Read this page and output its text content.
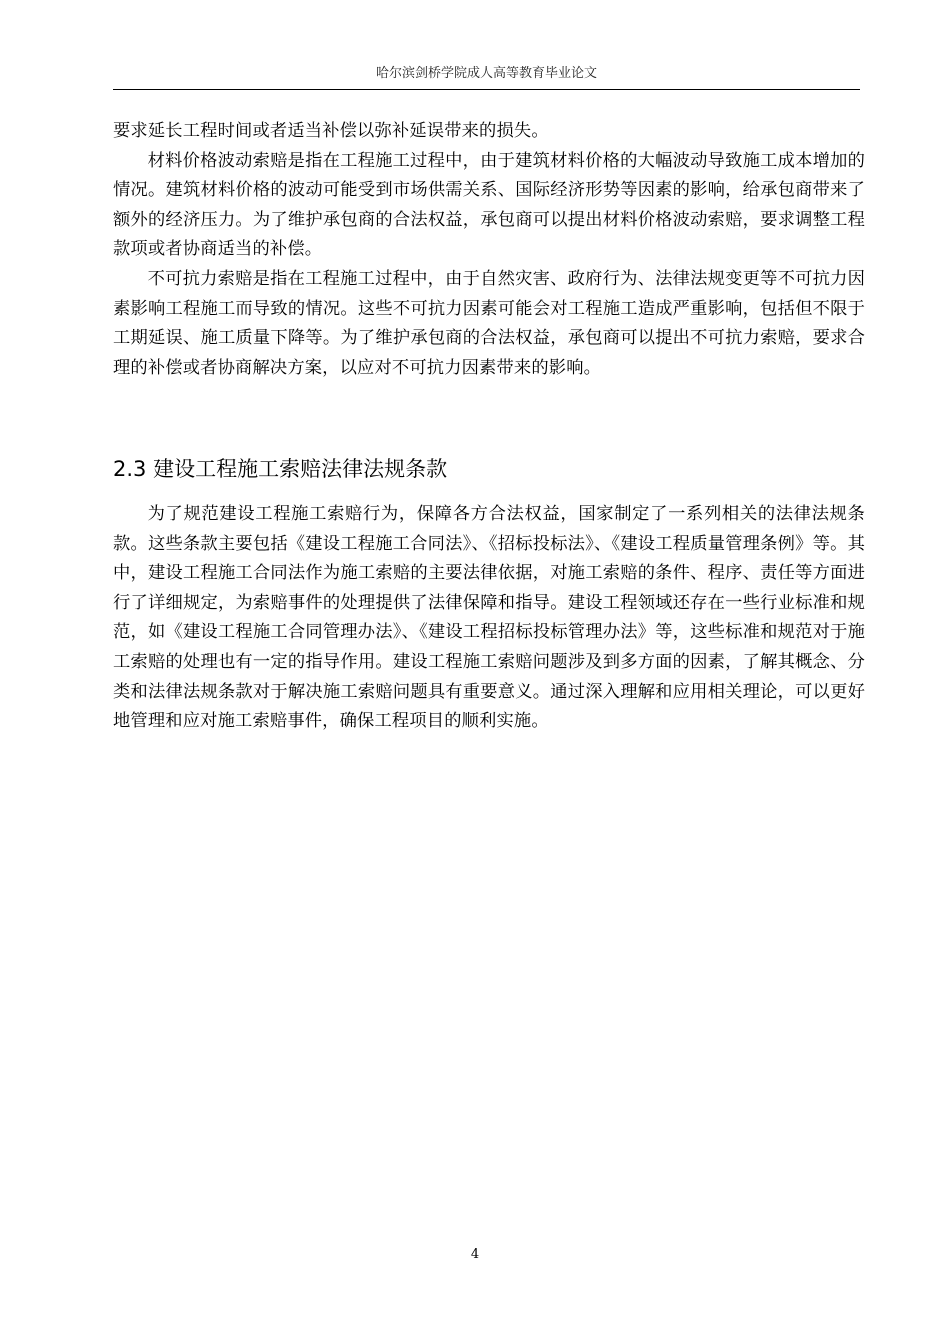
哈尔滨剑桥学院成人高等教育毕业论文

要求延长工程时间或者适当补偿以弥补延误带来的损失。

材料价格波动索赔是指在工程施工过程中，由于建筑材料价格的大幅波动导致施工成本增加的情况。建筑材料价格的波动可能受到市场供需关系、国际经济形势等因素的影响，给承包商带来了额外的经济压力。为了维护承包商的合法权益，承包商可以提出材料价格波动索赔，要求调整工程款项或者协商适当的补偿。

不可抗力索赔是指在工程施工过程中，由于自然灾害、政府行为、法律法规变更等不可抗力因素影响工程施工而导致的情况。这些不可抗力因素可能会对工程施工造成严重影响，包括但不限于工期延误、施工质量下降等。为了维护承包商的合法权益，承包商可以提出不可抗力索赔，要求合理的补偿或者协商解决方案，以应对不可抗力因素带来的影响。

2.3 建设工程施工索赔法律法规条款

为了规范建设工程施工索赔行为，保障各方合法权益，国家制定了一系列相关的法律法规条款。这些条款主要包括《建设工程施工合同法》、《招标投标法》、《建设工程质量管理条例》等。其中，建设工程施工合同法作为施工索赔的主要法律依据，对施工索赔的条件、程序、责任等方面进行了详细规定，为索赔事件的处理提供了法律保障和指导。建设工程领域还存在一些行业标准和规范，如《建设工程施工合同管理办法》、《建设工程招标投标管理办法》等，这些标准和规范对于施工索赔的处理也有一定的指导作用。建设工程施工索赔问题涉及到多方面的因素，了解其概念、分类和法律法规条款对于解决施工索赔问题具有重要意义。通过深入理解和应用相关理论，可以更好地管理和应对施工索赔事件，确保工程项目的顺利实施。

4
